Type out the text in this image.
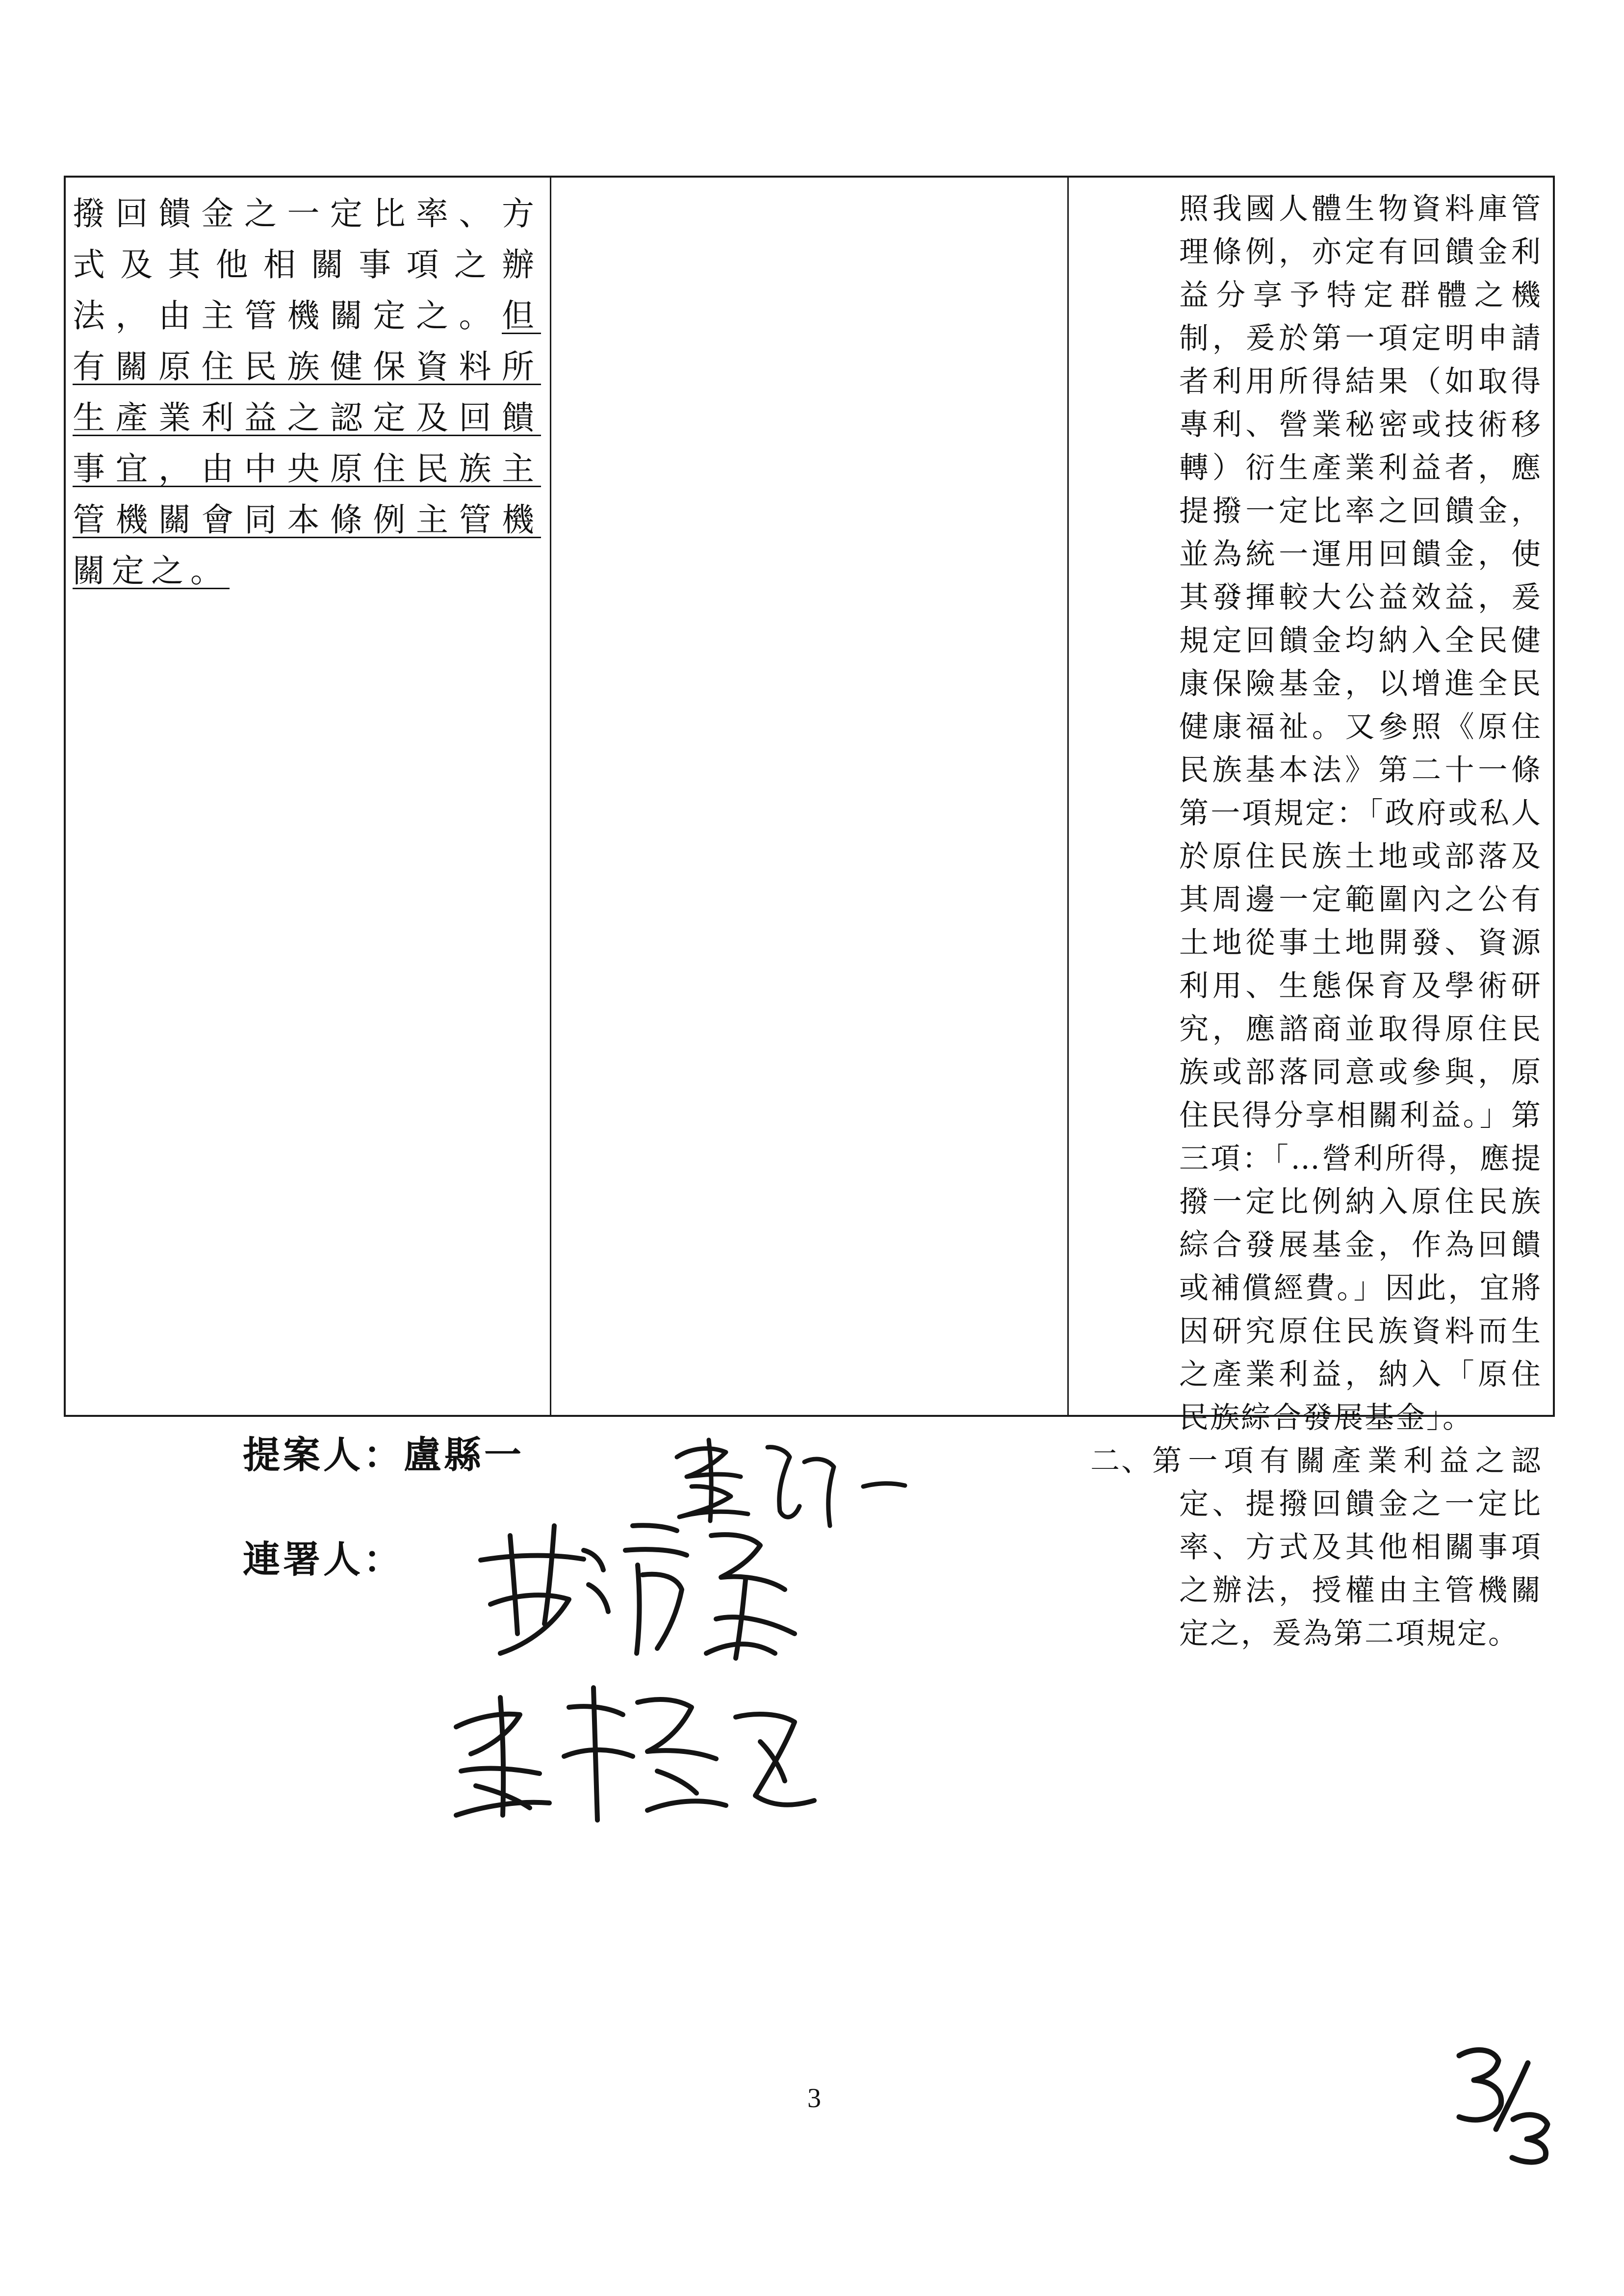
撥回饋金之一定比率、方式及其他相關事項之辦法，由主管機關定之。但有關原住民族健保資料所生產業利益之認定及回饋事宜，由中央原住民族主管機關會同本條例主管機關定之。

照我國人體生物資料庫管理條例，亦定有回饋金利益分享予特定群體之機制，爰於第一項定明申請者利用所得結果（如取得專利、營業秘密或技術移轉）衍生產業利益者，應提撥一定比率之回饋金，並為統一運用回饋金，使其發揮較大公益效益，爰規定回饋金均納入全民健康保險基金，以增進全民健康福祉。又參照《原住民族基本法》第二十一條第一項規定：「政府或私人於原住民族土地或部落及其周邊一定範圍內之公有土地從事土地開發、資源利用、生態保育及學術研究，應諮商並取得原住民族或部落同意或參與，原住民得分享相關利益。」第三項：「…營利所得，應提撥一定比例納入原住民族綜合發展基金，作為回饋或補償經費。」因此，宜將因研究原住民族資料而生之產業利益，納入「原住民族綜合發展基金」。
二、 第一項有關產業利益之認定、提撥回饋金之一定比率、方式及其他相關事項之辦法，授權由主管機關定之，爰為第二項規定。
提案人：盧縣一
連署人：
3
